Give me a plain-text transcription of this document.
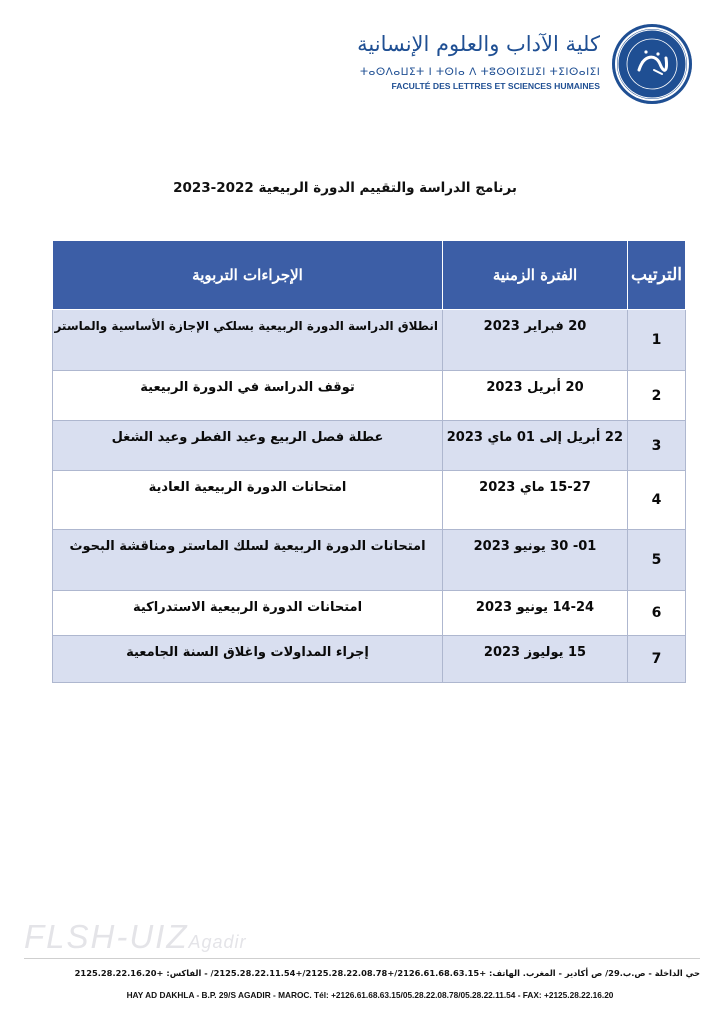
كلية الآداب والعلوم الإنسانية
ⵜⴰⵙⴷⴰⵡⵉⵜ ⵏ ⵜⵙⵏⴰ ⴷ ⵜⵓⵙⵙⵏⵉⵡⵉⵏ ⵜⵉⵏⵙⴰⵏⵉⵏ
FACULTÉ DES LETTRES ET SCIENCES HUMAINES
برنامج الدراسة والتقييم الدورة الربيعية 2022-2023
الترتيب	الفترة الزمنية	الإجراءات التربوية
1	20 فبراير 2023	انطلاق الدراسة الدورة الربيعية بسلكي الإجازة الأساسية والماستر
2	20 أبريل 2023	توقف الدراسة في الدورة الربيعية
3	22 أبريل إلى 01 ماي 2023	عطلة فصل الربيع وعيد الفطر وعيد الشغل
4	15-27 ماي 2023	امتحانات الدورة الربيعية العادية
5	01- 30 يونيو 2023	امتحانات الدورة الربيعية لسلك الماستر ومناقشة البحوث
6	14-24 يونيو 2023	امتحانات الدورة الربيعية الاستدراكية
7	15 يوليوز 2023	إجراء المداولات واغلاق السنة الجامعية
FLSH-UIZAgadir
حي الداخلة - ص.ب.29/ ص أكادير - المغرب. الهاتف: +2126.61.68.63.15/+2125.28.22.08.78/+2125.28.22.11.54/ - الفاكس: +2125.28.22.16.20
HAY AD DAKHLA - B.P. 29/S AGADIR - MAROC. Tél: +2126.61.68.63.15/05.28.22.08.78/05.28.22.11.54 - FAX: +2125.28.22.16.20
